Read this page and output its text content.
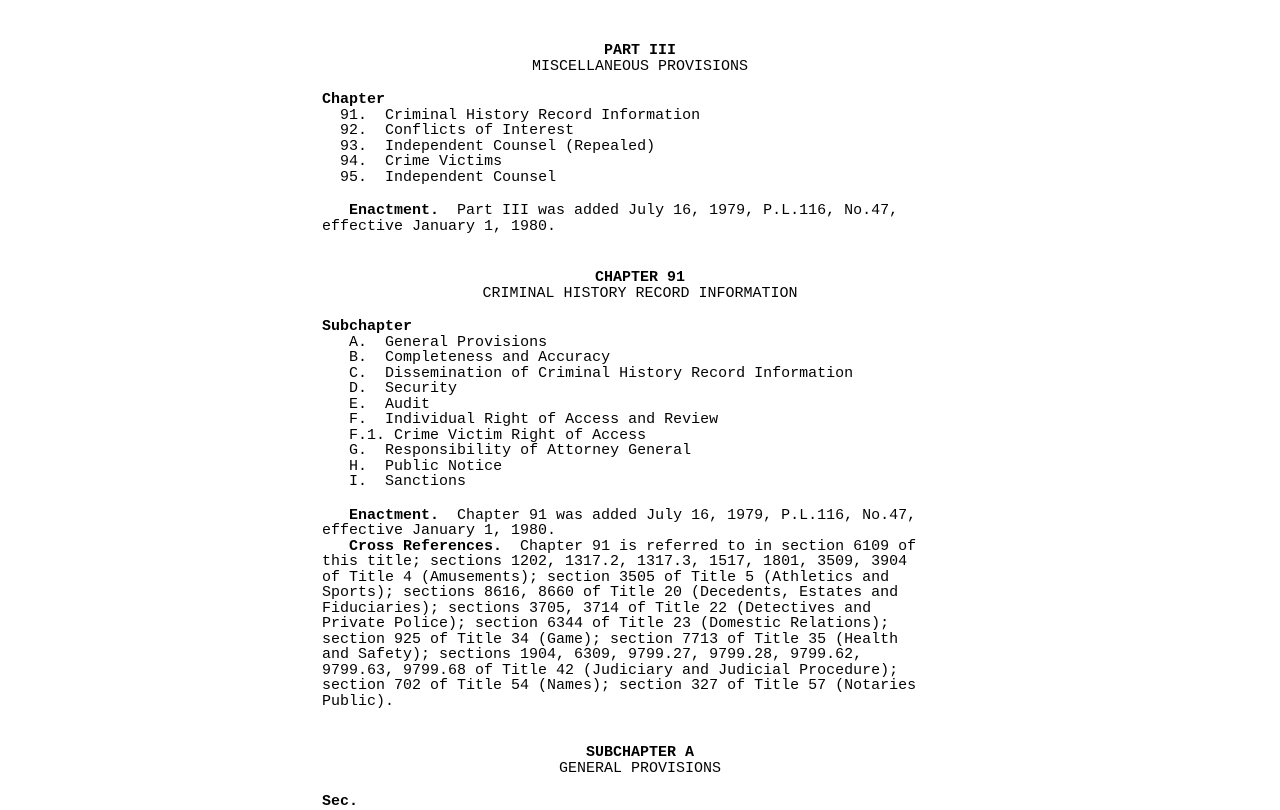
PART III
MISCELLANEOUS PROVISIONS
Chapter
91. Criminal History Record Information
92. Conflicts of Interest
93. Independent Counsel (Repealed)
94. Crime Victims
95. Independent Counsel
Enactment.  Part III was added July 16, 1979, P.L.116, No.47,
effective January 1, 1980.
CHAPTER 91
CRIMINAL HISTORY RECORD INFORMATION
Subchapter
A. General Provisions
B. Completeness and Accuracy
C. Dissemination of Criminal History Record Information
D. Security
E. Audit
F. Individual Right of Access and Review
F.1. Crime Victim Right of Access
G. Responsibility of Attorney General
H. Public Notice
I. Sanctions
Enactment.  Chapter 91 was added July 16, 1979, P.L.116, No.47,
effective January 1, 1980.
Cross References.  Chapter 91 is referred to in section 6109 of
this title; sections 1202, 1317.2, 1317.3, 1517, 1801, 3509, 3904
of Title 4 (Amusements); section 3505 of Title 5 (Athletics and
Sports); sections 8616, 8660 of Title 20 (Decedents, Estates and
Fiduciaries); sections 3705, 3714 of Title 22 (Detectives and
Private Police); section 6344 of Title 23 (Domestic Relations);
section 925 of Title 34 (Game); section 7713 of Title 35 (Health
and Safety); sections 1904, 6309, 9799.27, 9799.28, 9799.62,
9799.63, 9799.68 of Title 42 (Judiciary and Judicial Procedure);
section 702 of Title 54 (Names); section 327 of Title 57 (Notaries
Public).
SUBCHAPTER A
GENERAL PROVISIONS
Sec.
